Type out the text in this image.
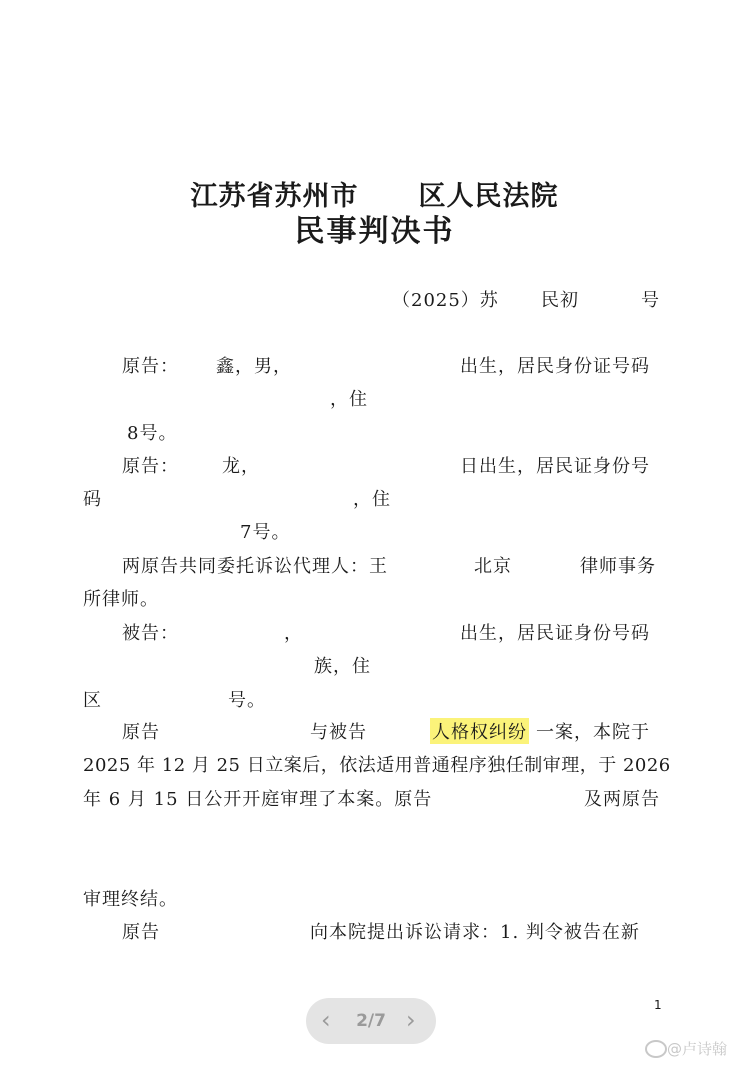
江苏省苏州市 区人民法院
民事判决书
（2025）苏 民初	号
原告： 鑫，男，	出生，居民身份证号码
，住
8号。
原告： 龙，	日出生，居民证身份号
码	，住
7号。
两原告共同委托诉讼代理人：王	北京	律师事务
所律师。
被告：	，	出生，居民证身份号码
族，住
区	号。
原告	与被告	人格权纠纷 一案，本院于
2025 年 12 月 25 日立案后，依法适用普通程序独任制审理，于 2026
年 6 月 15 日公开开庭审理了本案。原告	及两原告
审理终结。
原告	向本院提出诉讼请求：1. 判令被告在新
1
‹	2/7 ›
@卢诗翰
